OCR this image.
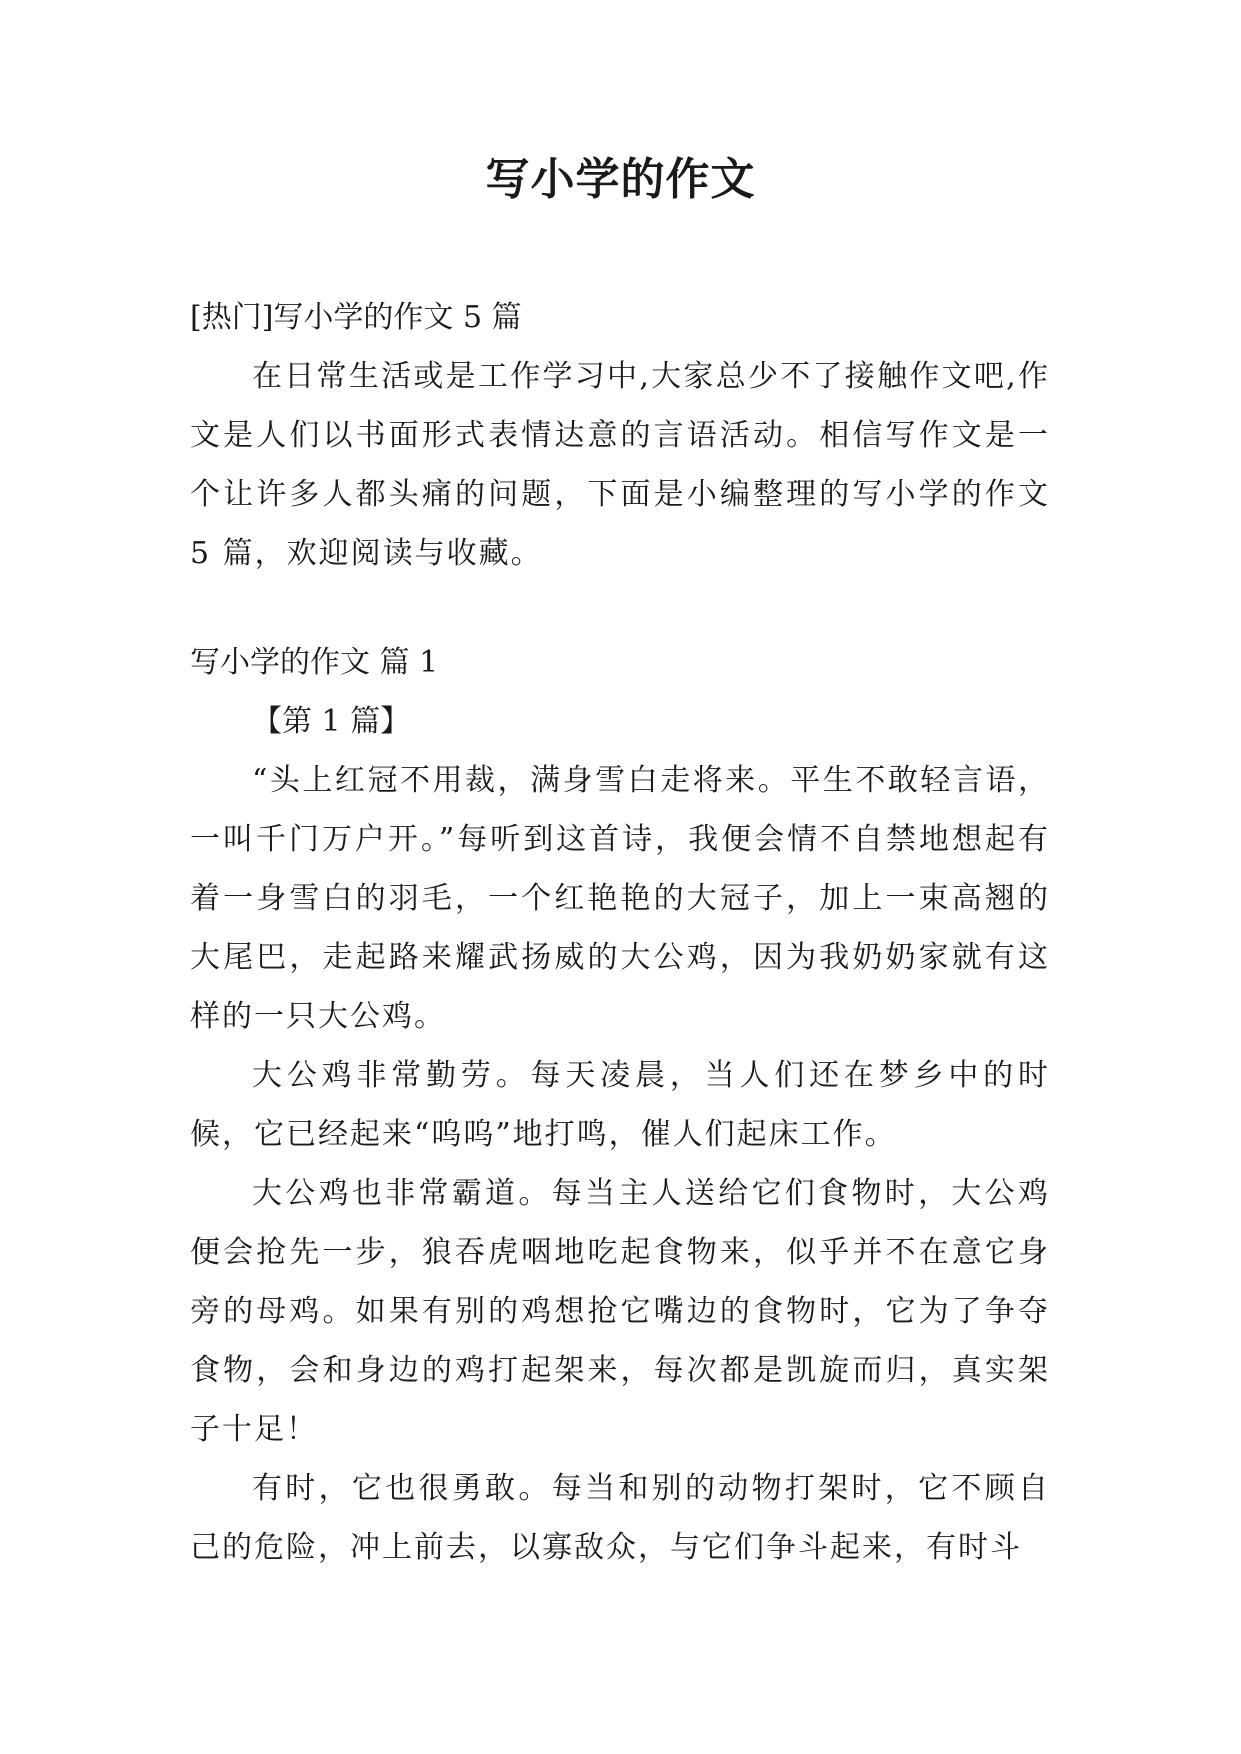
写小学的作文

[热门]写小学的作文 5 篇

在日常生活或是工作学习中,大家总少不了接触作文吧,作文是人们以书面形式表情达意的言语活动。相信写作文是一个让许多人都头痛的问题，下面是小编整理的写小学的作文 5 篇，欢迎阅读与收藏。

写小学的作文 篇 1

【第 1 篇】

“头上红冠不用裁，满身雪白走将来。平生不敢轻言语，一叫千门万户开。”每听到这首诗，我便会情不自禁地想起有着一身雪白的羽毛，一个红艳艳的大冠子，加上一束高翘的大尾巴，走起路来耀武扬威的大公鸡，因为我奶奶家就有这样的一只大公鸡。

大公鸡非常勤劳。每天凌晨，当人们还在梦乡中的时候，它已经起来“呜呜”地打鸣，催人们起床工作。

大公鸡也非常霸道。每当主人送给它们食物时，大公鸡便会抢先一步，狼吞虎咽地吃起食物来，似乎并不在意它身旁的母鸡。如果有别的鸡想抢它嘴边的食物时，它为了争夺食物，会和身边的鸡打起架来，每次都是凯旋而归，真实架子十足！

有时，它也很勇敢。每当和别的动物打架时，它不顾自己的危险，冲上前去，以寡敌众，与它们争斗起来，有时斗
